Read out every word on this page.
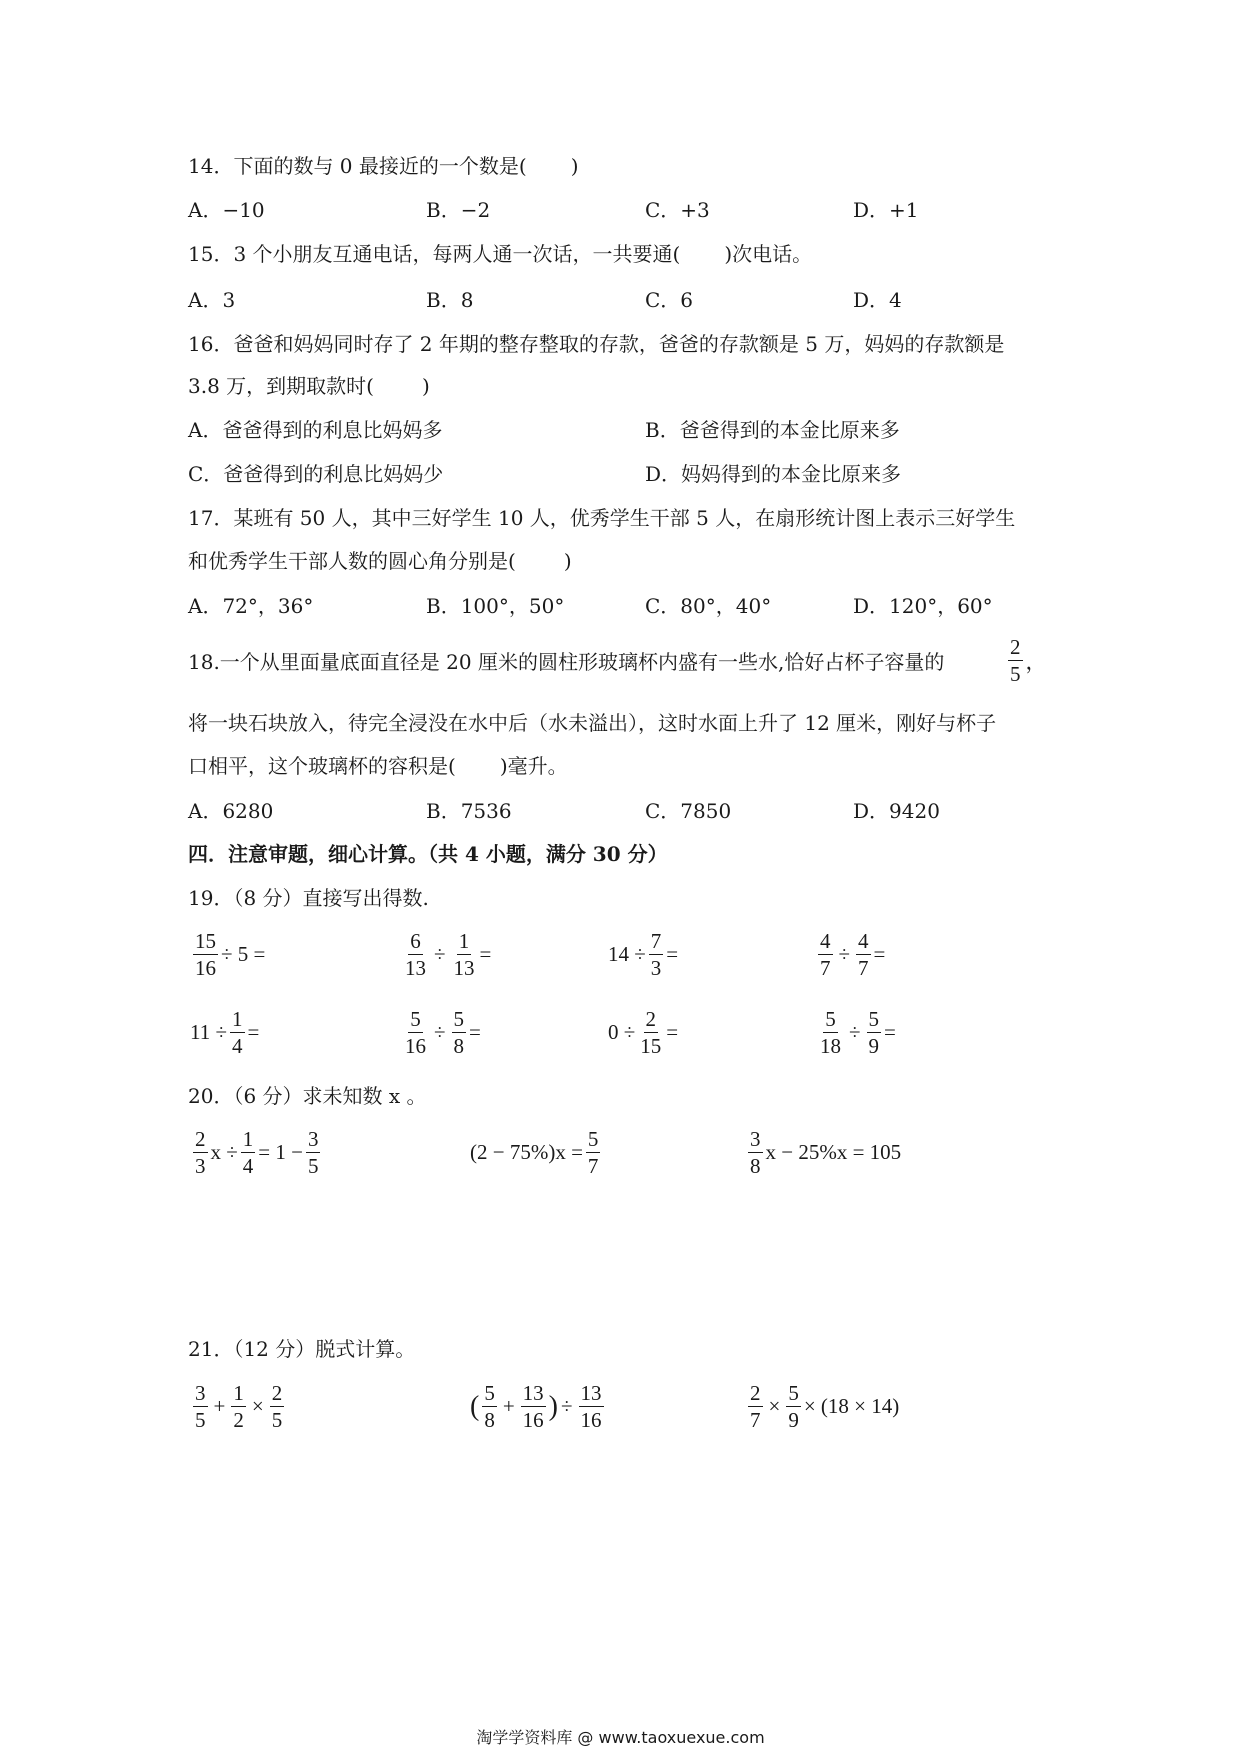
14．下面的数与 0 最接近的一个数是( )
A．−10	B．−2	C．+3	D．+1
15．3 个小朋友互通电话，每两人通一次话，一共要通( )次电话。
A．3	B．8	C．6	D．4
16．爸爸和妈妈同时存了 2 年期的整存整取的存款，爸爸的存款额是 5 万，妈妈的存款额是
3.8 万，到期取款时( )
A．爸爸得到的利息比妈妈多	B．爸爸得到的本金比原来多
C．爸爸得到的利息比妈妈少	D．妈妈得到的本金比原来多
17．某班有 50 人，其中三好学生 10 人，优秀学生干部 5 人，在扇形统计图上表示三好学生
和优秀学生干部人数的圆心角分别是( )
A．72°，36°	B．100°，50°	C．80°，40°	D．120°，60°
18.一个从里面量底面直径是 20 厘米的圆柱形玻璃杯内盛有一些水,恰好占杯子容量的	$\frac{2}{5}$ ，
将一块石块放入，待完全浸没在水中后（水未溢出），这时水面上升了 12 厘米，刚好与杯子
口相平，这个玻璃杯的容积是( )毫升。
A．6280	B．7536	C．7850	D．9420
四．注意审题，细心计算。（共 4 小题，满分 30 分）
19．（8 分）直接写出得数.
$\frac{15}{16} \div 5$ =	$\frac{6}{13} \div \frac{1}{13}$ =	$14 \div \frac{7}{3}$ =	$\frac{4}{7} \div \frac{4}{7}$ =
$11 \div \frac{1}{4}$ =	$\frac{5}{16} \div \frac{5}{8}$ =	$0 \div \frac{2}{15}$ =	$\frac{5}{18} \div \frac{5}{9}$ =
20．（6 分）求未知数 x 。
$\frac{2}{3}$ $x \div \frac{1}{4} = 1 - \frac{3}{5}$	$(2 - 75\%)x = \frac{5}{7}$	$\frac{3}{8}$ x − 25%x = 105
21．（12 分）脱式计算。
$\frac{3}{5} + \frac{1}{2} \times \frac{2}{5}$	( $\frac{5}{8} + \frac{13}{16}$ ) ÷ $\frac{13}{16}$	$\frac{2}{7} \times \frac{5}{9} \times (18 \times 14)$
淘学学资料库 @ www.taoxuexue.com
